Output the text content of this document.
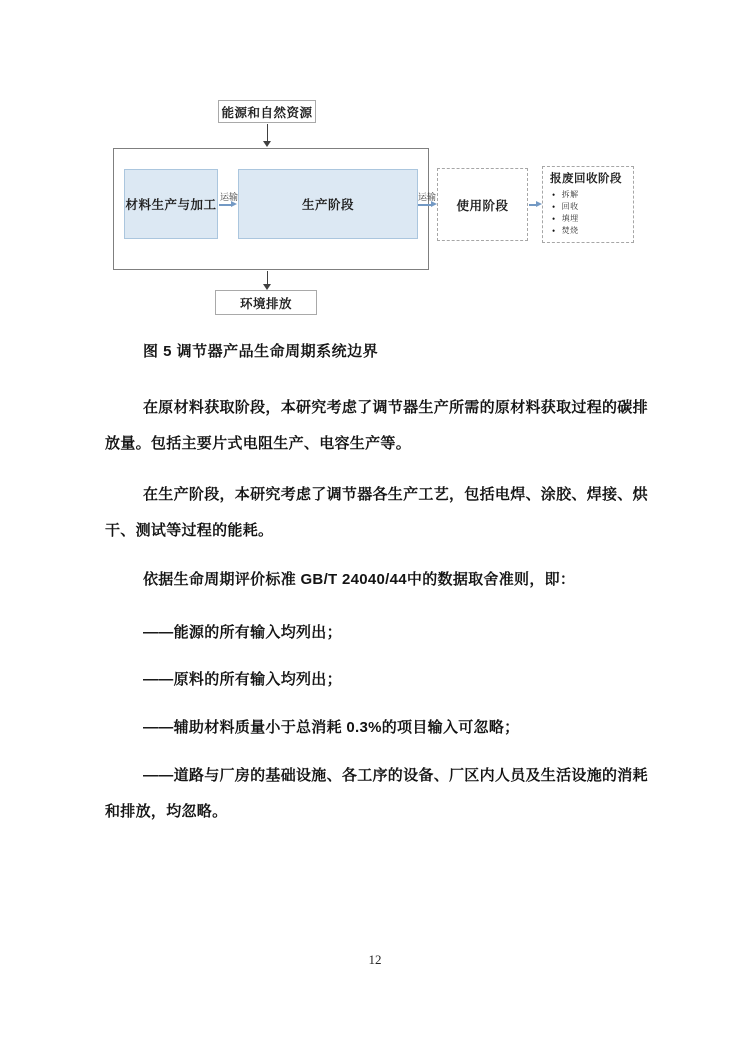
能源和自然资源
材料生产与加工
运输
生产阶段
运输
使用阶段
报废回收阶段
• 拆解
• 回收
• 填埋
• 焚烧
环境排放
图 5 调节器产品生命周期系统边界
在原材料获取阶段，本研究考虑了调节器生产所需的原材料获取过程的碳排
放量。包括主要片式电阻生产、电容生产等。
在生产阶段，本研究考虑了调节器各生产工艺，包括电焊、涂胶、焊接、烘
干、测试等过程的能耗。
依据生命周期评价标准 GB/T 24040/44中的数据取舍准则，即：
——能源的所有输入均列出；
——原料的所有输入均列出；
——辅助材料质量小于总消耗 0.3%的项目输入可忽略；
——道路与厂房的基础设施、各工序的设备、厂区内人员及生活设施的消耗
和排放，均忽略。
12
